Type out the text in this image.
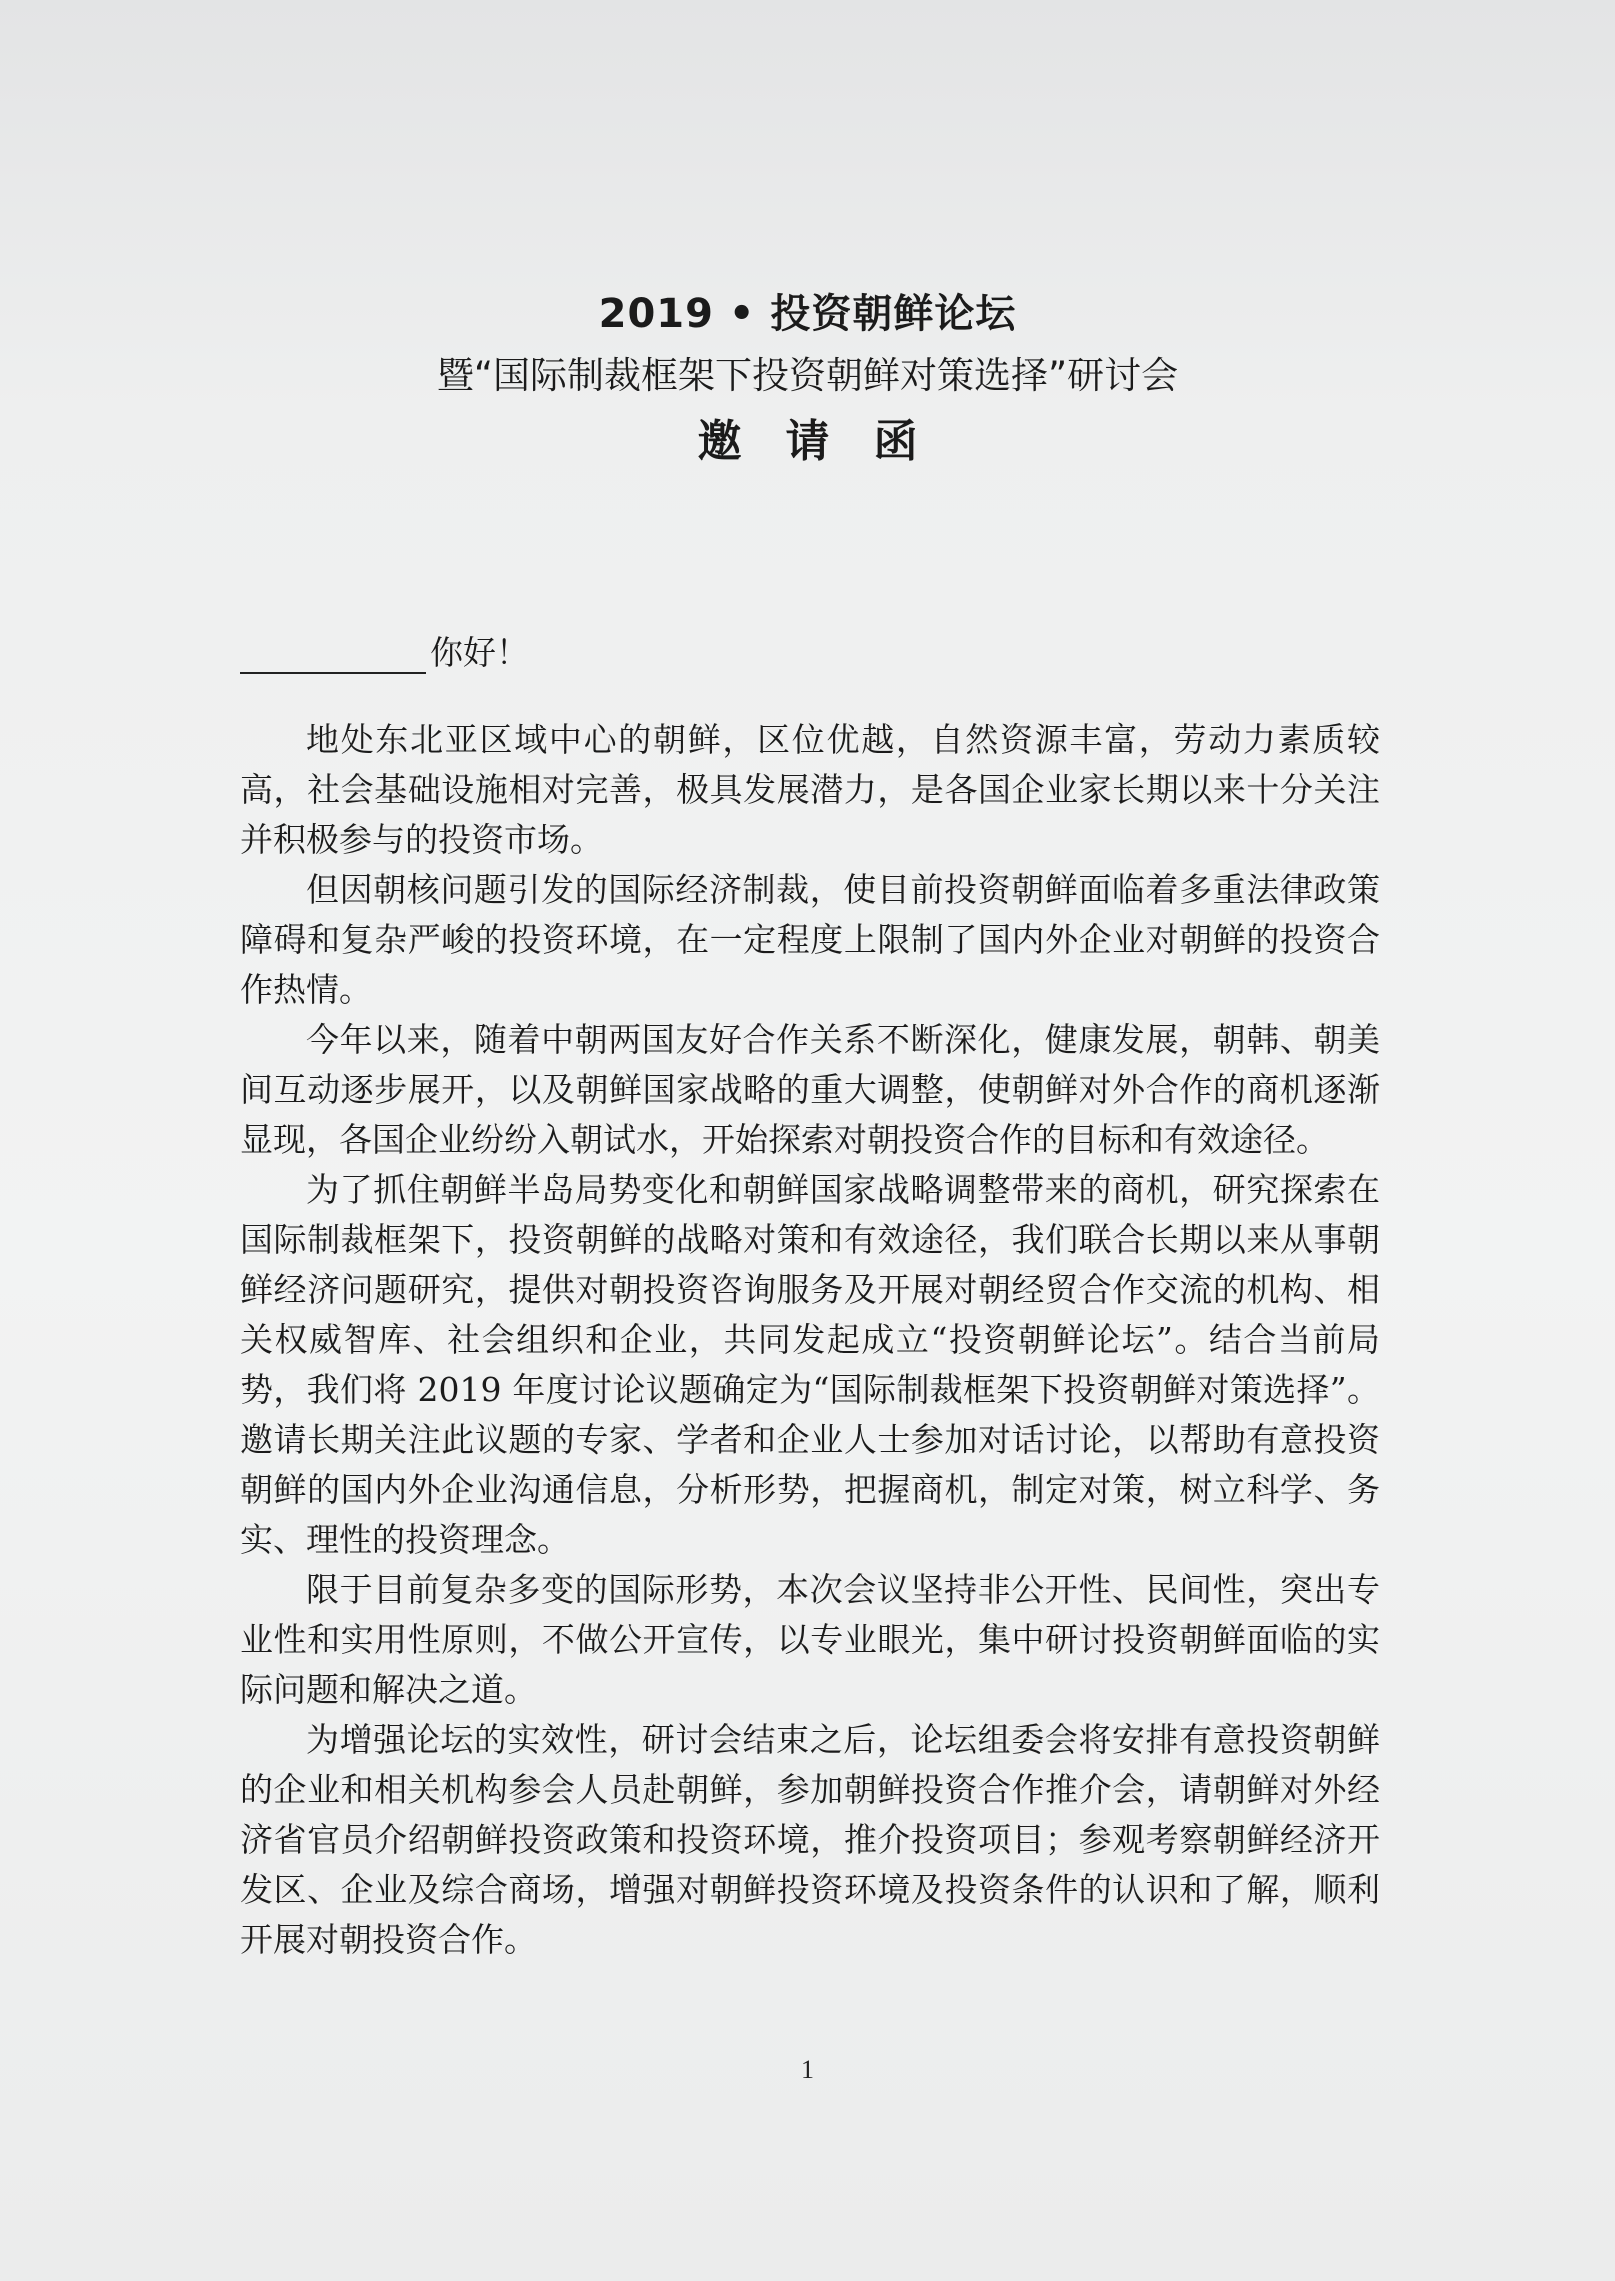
2019 • 投资朝鲜论坛
暨“国际制裁框架下投资朝鲜对策选择”研讨会
邀请函
你好！

地处东北亚区域中心的朝鲜，区位优越，自然资源丰富，劳动力素质较高，社会基础设施相对完善，极具发展潜力，是各国企业家长期以来十分关注并积极参与的投资市场。

但因朝核问题引发的国际经济制裁，使目前投资朝鲜面临着多重法律政策障碍和复杂严峻的投资环境，在一定程度上限制了国内外企业对朝鲜的投资合作热情。

今年以来，随着中朝两国友好合作关系不断深化，健康发展，朝韩、朝美间互动逐步展开，以及朝鲜国家战略的重大调整，使朝鲜对外合作的商机逐渐显现，各国企业纷纷入朝试水，开始探索对朝投资合作的目标和有效途径。

为了抓住朝鲜半岛局势变化和朝鲜国家战略调整带来的商机，研究探索在国际制裁框架下，投资朝鲜的战略对策和有效途径，我们联合长期以来从事朝鲜经济问题研究，提供对朝投资咨询服务及开展对朝经贸合作交流的机构、相关权威智库、社会组织和企业，共同发起成立“投资朝鲜论坛”。结合当前局势，我们将 2019 年度讨论议题确定为“国际制裁框架下投资朝鲜对策选择”。邀请长期关注此议题的专家、学者和企业人士参加对话讨论，以帮助有意投资朝鲜的国内外企业沟通信息，分析形势，把握商机，制定对策，树立科学、务实、理性的投资理念。

限于目前复杂多变的国际形势，本次会议坚持非公开性、民间性，突出专业性和实用性原则，不做公开宣传，以专业眼光，集中研讨投资朝鲜面临的实际问题和解决之道。

为增强论坛的实效性，研讨会结束之后，论坛组委会将安排有意投资朝鲜的企业和相关机构参会人员赴朝鲜，参加朝鲜投资合作推介会，请朝鲜对外经济省官员介绍朝鲜投资政策和投资环境，推介投资项目；参观考察朝鲜经济开发区、企业及综合商场，增强对朝鲜投资环境及投资条件的认识和了解，顺利开展对朝投资合作。

1
